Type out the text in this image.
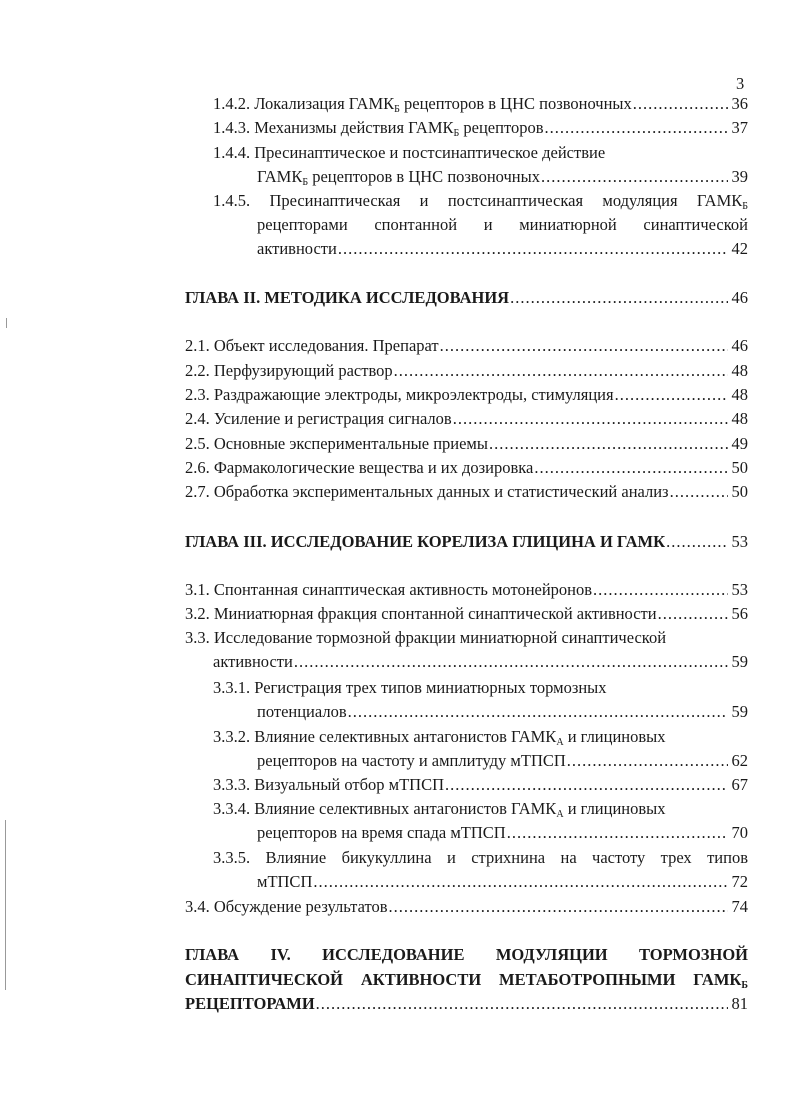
3
1.4.2. Локализация $ГАМК_Б$ рецепторов в ЦНС позвоночных .....	36
1.4.3. Механизмы действия $ГАМК_Б$ рецепторов .....	37
1.4.4. Пресинаптическое и постсинаптическое действие
$ГАМК_Б$ рецепторов в ЦНС позвоночных .....	39
1.4.5. Пресинаптическая и постсинаптическая модуляция $ГАМК_Б$
рецепторами спонтанной и миниатюрной синаптической
активности .....	42
ГЛАВА II. МЕТОДИКА ИССЛЕДОВАНИЯ .....	46
2.1. Объект исследования. Препарат .....	46
2.2. Перфузирующий раствор .....	48
2.3. Раздражающие электроды, микроэлектроды, стимуляция .....	48
2.4. Усиление и регистрация сигналов .....	48
2.5. Основные экспериментальные приемы .....	49
2.6. Фармакологические вещества и их дозировка .....	50
2.7. Обработка экспериментальных данных и статистический анализ .....	50
ГЛАВА III. ИССЛЕДОВАНИЕ КОРЕЛИЗА ГЛИЦИНА И ГАМК .....	53
3.1. Спонтанная синаптическая активность мотонейронов .....	53
3.2. Миниатюрная фракция спонтанной синаптической активности .....	56
3.3. Исследование тормозной фракции миниатюрной синаптической
активности .....	59
3.3.1. Регистрация трех типов миниатюрных тормозных
потенциалов .....	59
3.3.2. Влияние селективных антагонистов $ГАМК_А$ и глициновых
рецепторов на частоту и амплитуду мТПСП .....	62
3.3.3. Визуальный отбор мТПСП .....	67
3.3.4. Влияние селективных антагонистов $ГАМК_А$ и глициновых
рецепторов на время спада мТПСП .....	70
3.3.5. Влияние бикукуллина и стрихнина на частоту трех типов
мТПСП .....	72
3.4. Обсуждение результатов .....	74
ГЛАВА IV. ИССЛЕДОВАНИЕ МОДУЛЯЦИИ ТОРМОЗНОЙ
СИНАПТИЧЕСКОЙ АКТИВНОСТИ МЕТАБОТРОПНЫМИ $ГАМК_Б$
РЕЦЕПТОРАМИ .....	81
